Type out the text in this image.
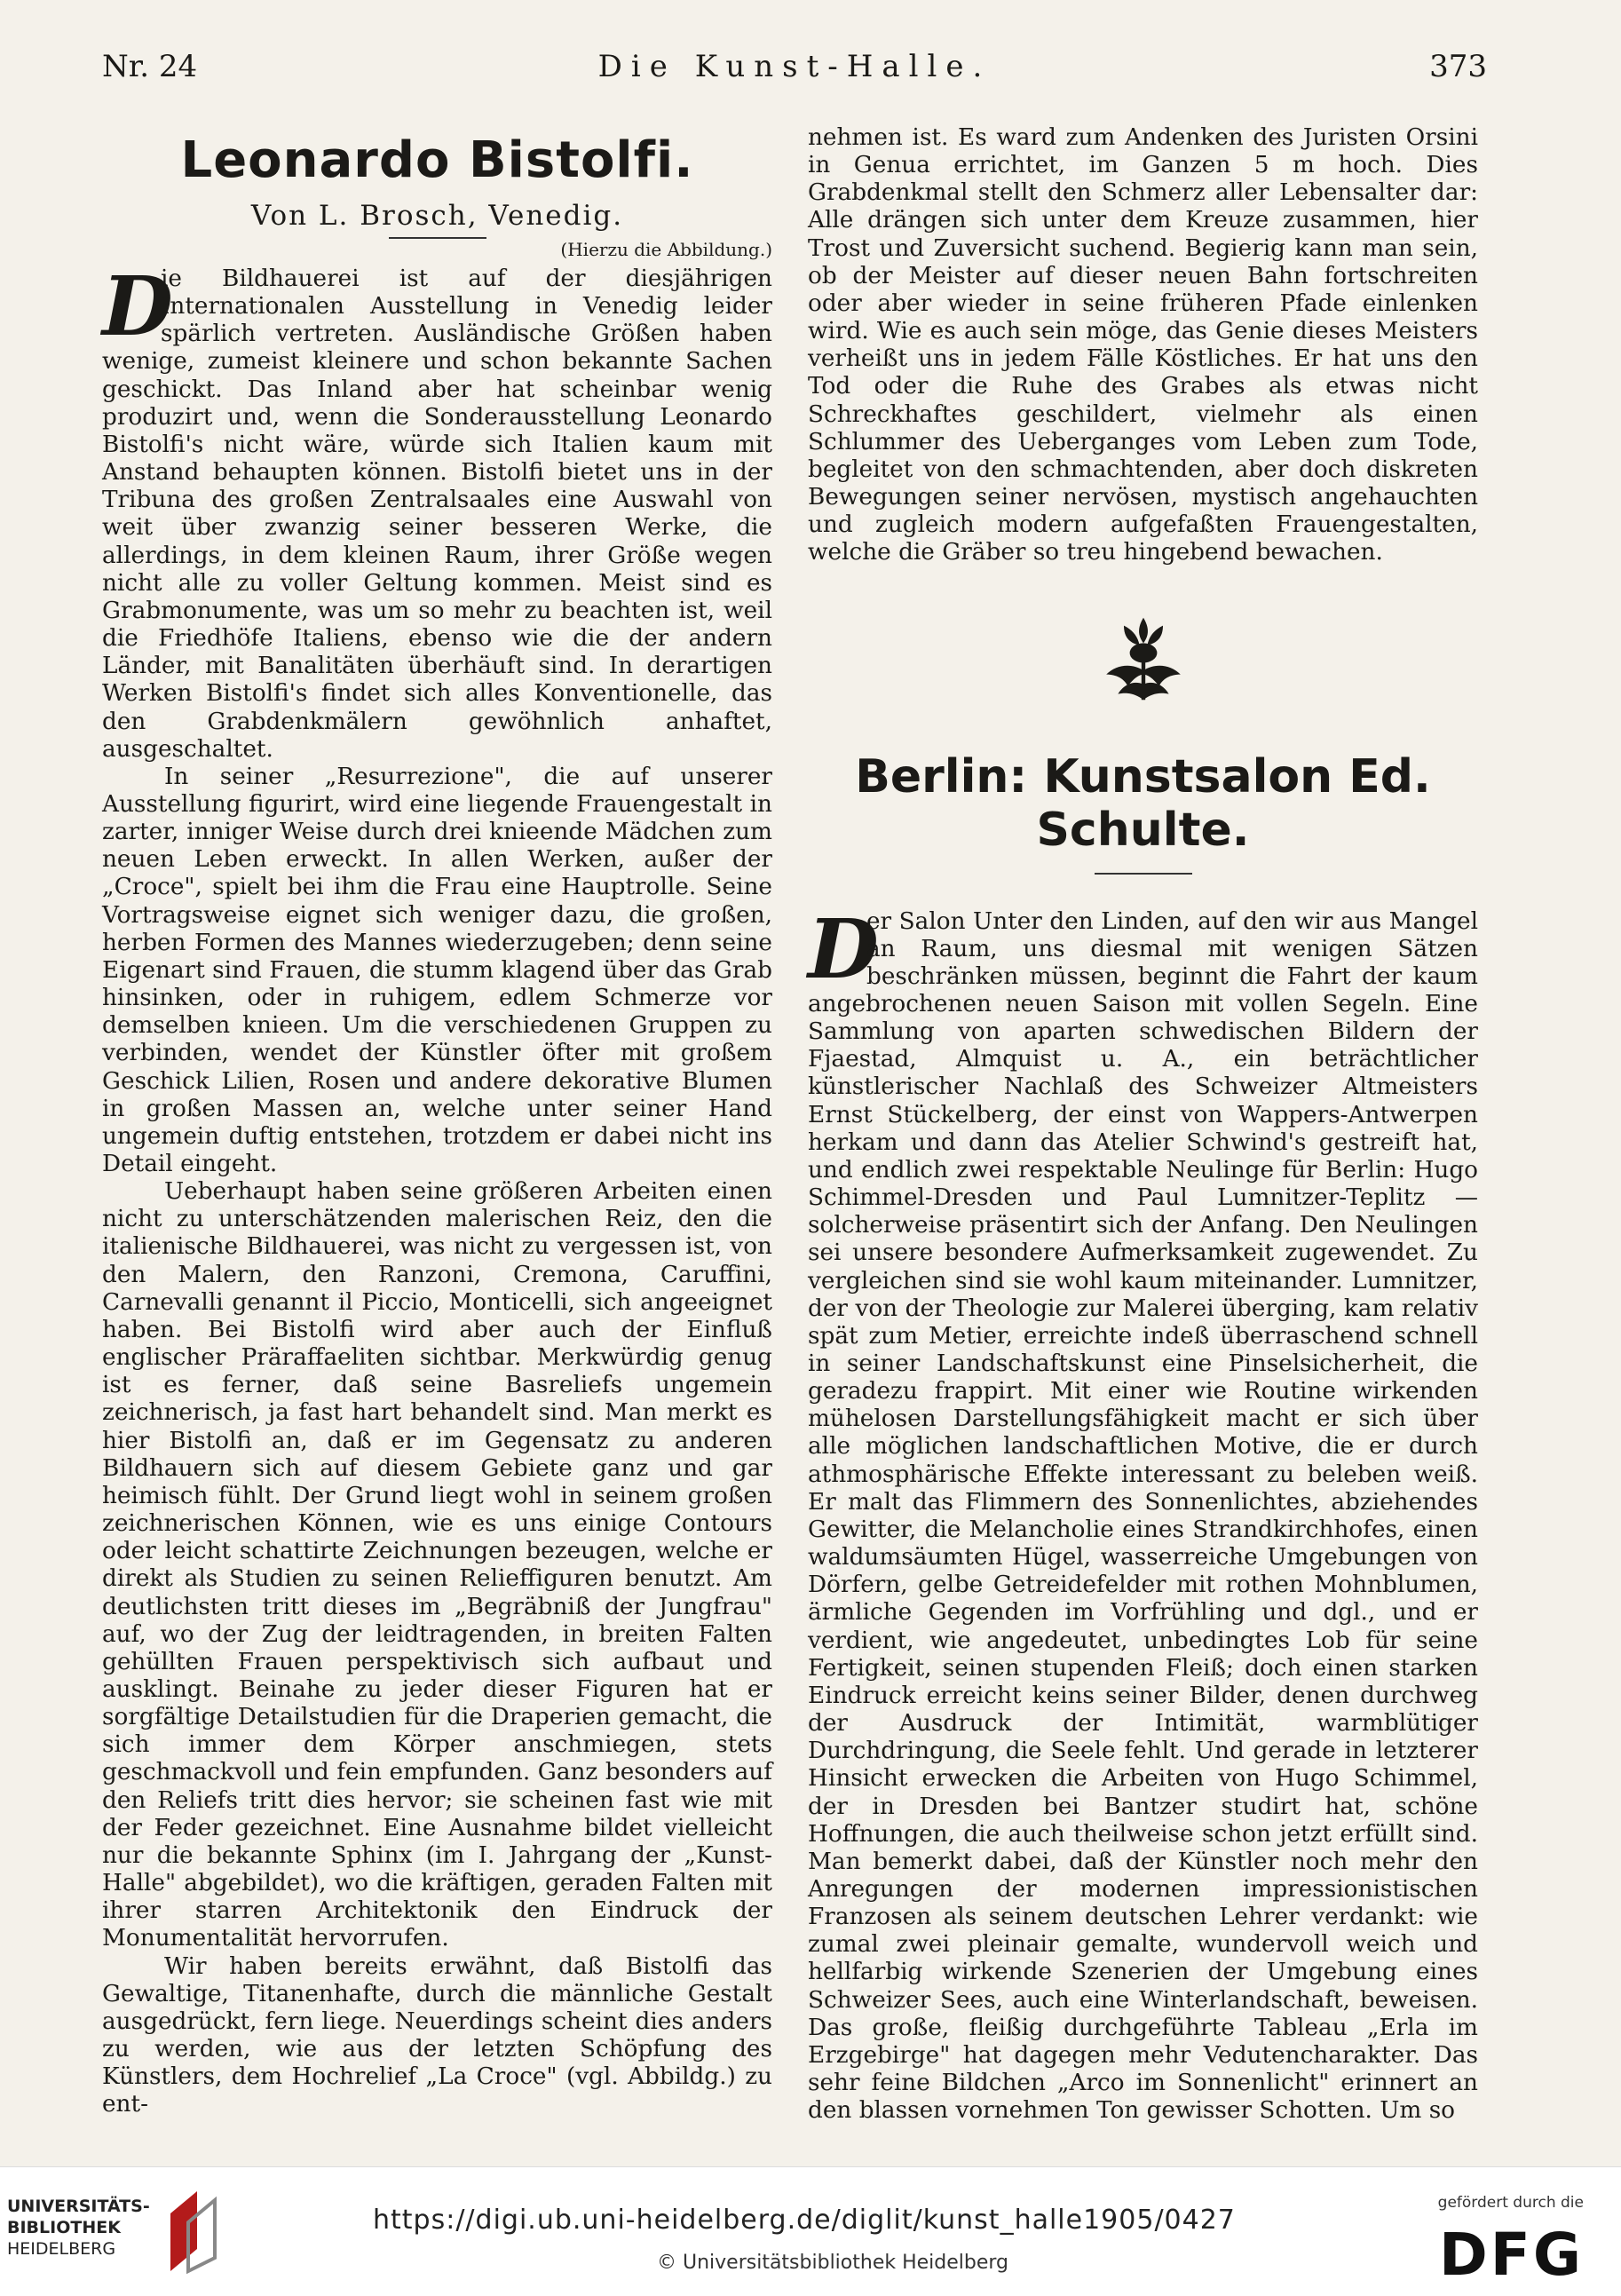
Nr. 24	Die Kunst-Halle.	373
Leonardo Bistolfi.
Von L. Brosch, Venedig.
(Hierzu die Abbildung.)

D
ie Bildhauerei ist auf der diesjährigen Internationalen Ausstellung in Venedig leider spärlich vertreten. Ausländische Größen haben wenige, zumeist kleinere und schon bekannte Sachen geschickt. Das Inland aber hat scheinbar wenig produzirt und, wenn die Sonderausstellung Leonardo Bistolfi's nicht wäre, würde sich Italien kaum mit Anstand behaupten können. Bistolfi bietet uns in der Tribuna des großen Zentralsaales eine Auswahl von weit über zwanzig seiner besseren Werke, die allerdings, in dem kleinen Raum, ihrer Größe wegen nicht alle zu voller Geltung kommen. Meist sind es Grabmonumente, was um so mehr zu beachten ist, weil die Friedhöfe Italiens, ebenso wie die der andern Länder, mit Banalitäten überhäuft sind. In derartigen Werken Bistolfi's findet sich alles Konventionelle, das den Grabdenkmälern gewöhnlich anhaftet, ausgeschaltet.

In seiner „Resurrezione", die auf unserer Ausstellung figurirt, wird eine liegende Frauengestalt in zarter, inniger Weise durch drei knieende Mädchen zum neuen Leben erweckt. In allen Werken, außer der „Croce", spielt bei ihm die Frau eine Hauptrolle. Seine Vortragsweise eignet sich weniger dazu, die großen, herben Formen des Mannes wiederzugeben; denn seine Eigenart sind Frauen, die stumm klagend über das Grab hinsinken, oder in ruhigem, edlem Schmerze vor demselben knieen. Um die verschiedenen Gruppen zu verbinden, wendet der Künstler öfter mit großem Geschick Lilien, Rosen und andere dekorative Blumen in großen Massen an, welche unter seiner Hand ungemein duftig entstehen, trotzdem er dabei nicht ins Detail eingeht.

Ueberhaupt haben seine größeren Arbeiten einen nicht zu unterschätzenden malerischen Reiz, den die italienische Bildhauerei, was nicht zu vergessen ist, von den Malern, den Ranzoni, Cremona, Caruffini, Carnevalli genannt il Piccio, Monticelli, sich angeeignet haben. Bei Bistolfi wird aber auch der Einfluß englischer Präraffaeliten sichtbar. Merkwürdig genug ist es ferner, daß seine Basreliefs ungemein zeichnerisch, ja fast hart behandelt sind. Man merkt es hier Bistolfi an, daß er im Gegensatz zu anderen Bildhauern sich auf diesem Gebiete ganz und gar heimisch fühlt. Der Grund liegt wohl in seinem großen zeichnerischen Können, wie es uns einige Contours oder leicht schattirte Zeichnungen bezeugen, welche er direkt als Studien zu seinen Relieffiguren benutzt. Am deutlichsten tritt dieses im „Begräbniß der Jungfrau" auf, wo der Zug der leidtragenden, in breiten Falten gehüllten Frauen perspektivisch sich aufbaut und ausklingt. Beinahe zu jeder dieser Figuren hat er sorgfältige Detailstudien für die Draperien gemacht, die sich immer dem Körper anschmiegen, stets geschmackvoll und fein empfunden. Ganz besonders auf den Reliefs tritt dies hervor; sie scheinen fast wie mit der Feder gezeichnet. Eine Ausnahme bildet vielleicht nur die bekannte Sphinx (im I. Jahrgang der „Kunst-Halle" abgebildet), wo die kräftigen, geraden Falten mit ihrer starren Architektonik den Eindruck der Monumentalität hervorrufen.

Wir haben bereits erwähnt, daß Bistolfi das Gewaltige, Titanenhafte, durch die männliche Gestalt ausgedrückt, fern liege. Neuerdings scheint dies anders zu werden, wie aus der letzten Schöpfung des Künstlers, dem Hochrelief „La Croce" (vgl. Abbildg.) zu ent-

nehmen ist. Es ward zum Andenken des Juristen Orsini in Genua errichtet, im Ganzen 5 m hoch. Dies Grabdenkmal stellt den Schmerz aller Lebensalter dar: Alle drängen sich unter dem Kreuze zusammen, hier Trost und Zuversicht suchend. Begierig kann man sein, ob der Meister auf dieser neuen Bahn fortschreiten oder aber wieder in seine früheren Pfade einlenken wird. Wie es auch sein möge, das Genie dieses Meisters verheißt uns in jedem Fälle Köstliches. Er hat uns den Tod oder die Ruhe des Grabes als etwas nicht Schreckhaftes geschildert, vielmehr als einen Schlummer des Ueberganges vom Leben zum Tode, begleitet von den schmachtenden, aber doch diskreten Bewegungen seiner nervösen, mystisch angehauchten und zugleich modern aufgefaßten Frauengestalten, welche die Gräber so treu hingebend bewachen.

Berlin: Kunstsalon Ed. Schulte.

D
er Salon Unter den Linden, auf den wir aus Mangel an Raum, uns diesmal mit wenigen Sätzen beschränken müssen, beginnt die Fahrt der kaum angebrochenen neuen Saison mit vollen Segeln. Eine Sammlung von aparten schwedischen Bildern der Fjaestad, Almquist u. A., ein beträchtlicher künstlerischer Nachlaß des Schweizer Altmeisters Ernst Stückelberg, der einst von Wappers-Antwerpen herkam und dann das Atelier Schwind's gestreift hat, und endlich zwei respektable Neulinge für Berlin: Hugo Schimmel-Dresden und Paul Lumnitzer-Teplitz — solcherweise präsentirt sich der Anfang. Den Neulingen sei unsere besondere Aufmerksamkeit zugewendet. Zu vergleichen sind sie wohl kaum miteinander. Lumnitzer, der von der Theologie zur Malerei überging, kam relativ spät zum Metier, erreichte indeß überraschend schnell in seiner Landschaftskunst eine Pinselsicherheit, die geradezu frappirt. Mit einer wie Routine wirkenden mühelosen Darstellungsfähigkeit macht er sich über alle möglichen landschaftlichen Motive, die er durch athmosphärische Effekte interessant zu beleben weiß. Er malt das Flimmern des Sonnenlichtes, abziehendes Gewitter, die Melancholie eines Strandkirchhofes, einen waldumsäumten Hügel, wasserreiche Umgebungen von Dörfern, gelbe Getreidefelder mit rothen Mohnblumen, ärmliche Gegenden im Vorfrühling und dgl., und er verdient, wie angedeutet, unbedingtes Lob für seine Fertigkeit, seinen stupenden Fleiß; doch einen starken Eindruck erreicht keins seiner Bilder, denen durchweg der Ausdruck der Intimität, warmblütiger Durchdringung, die Seele fehlt. Und gerade in letzterer Hinsicht erwecken die Arbeiten von Hugo Schimmel, der in Dresden bei Bantzer studirt hat, schöne Hoffnungen, die auch theilweise schon jetzt erfüllt sind. Man bemerkt dabei, daß der Künstler noch mehr den Anregungen der modernen impressionistischen Franzosen als seinem deutschen Lehrer verdankt: wie zumal zwei pleinair gemalte, wundervoll weich und hellfarbig wirkende Szenerien der Umgebung eines Schweizer Sees, auch eine Winterlandschaft, beweisen. Das große, fleißig durchgeführte Tableau „Erla im Erzgebirge" hat dagegen mehr Vedutencharakter. Das sehr feine Bildchen „Arco im Sonnenlicht" erinnert an den blassen vornehmen Ton gewisser Schotten. Um so

UNIVERSITÄTS-
BIBLIOTHEK
HEIDELBERG
https://digi.ub.uni-heidelberg.de/diglit/kunst_halle1905/0427
© Universitätsbibliothek Heidelberg
gefördert durch die
DFG
